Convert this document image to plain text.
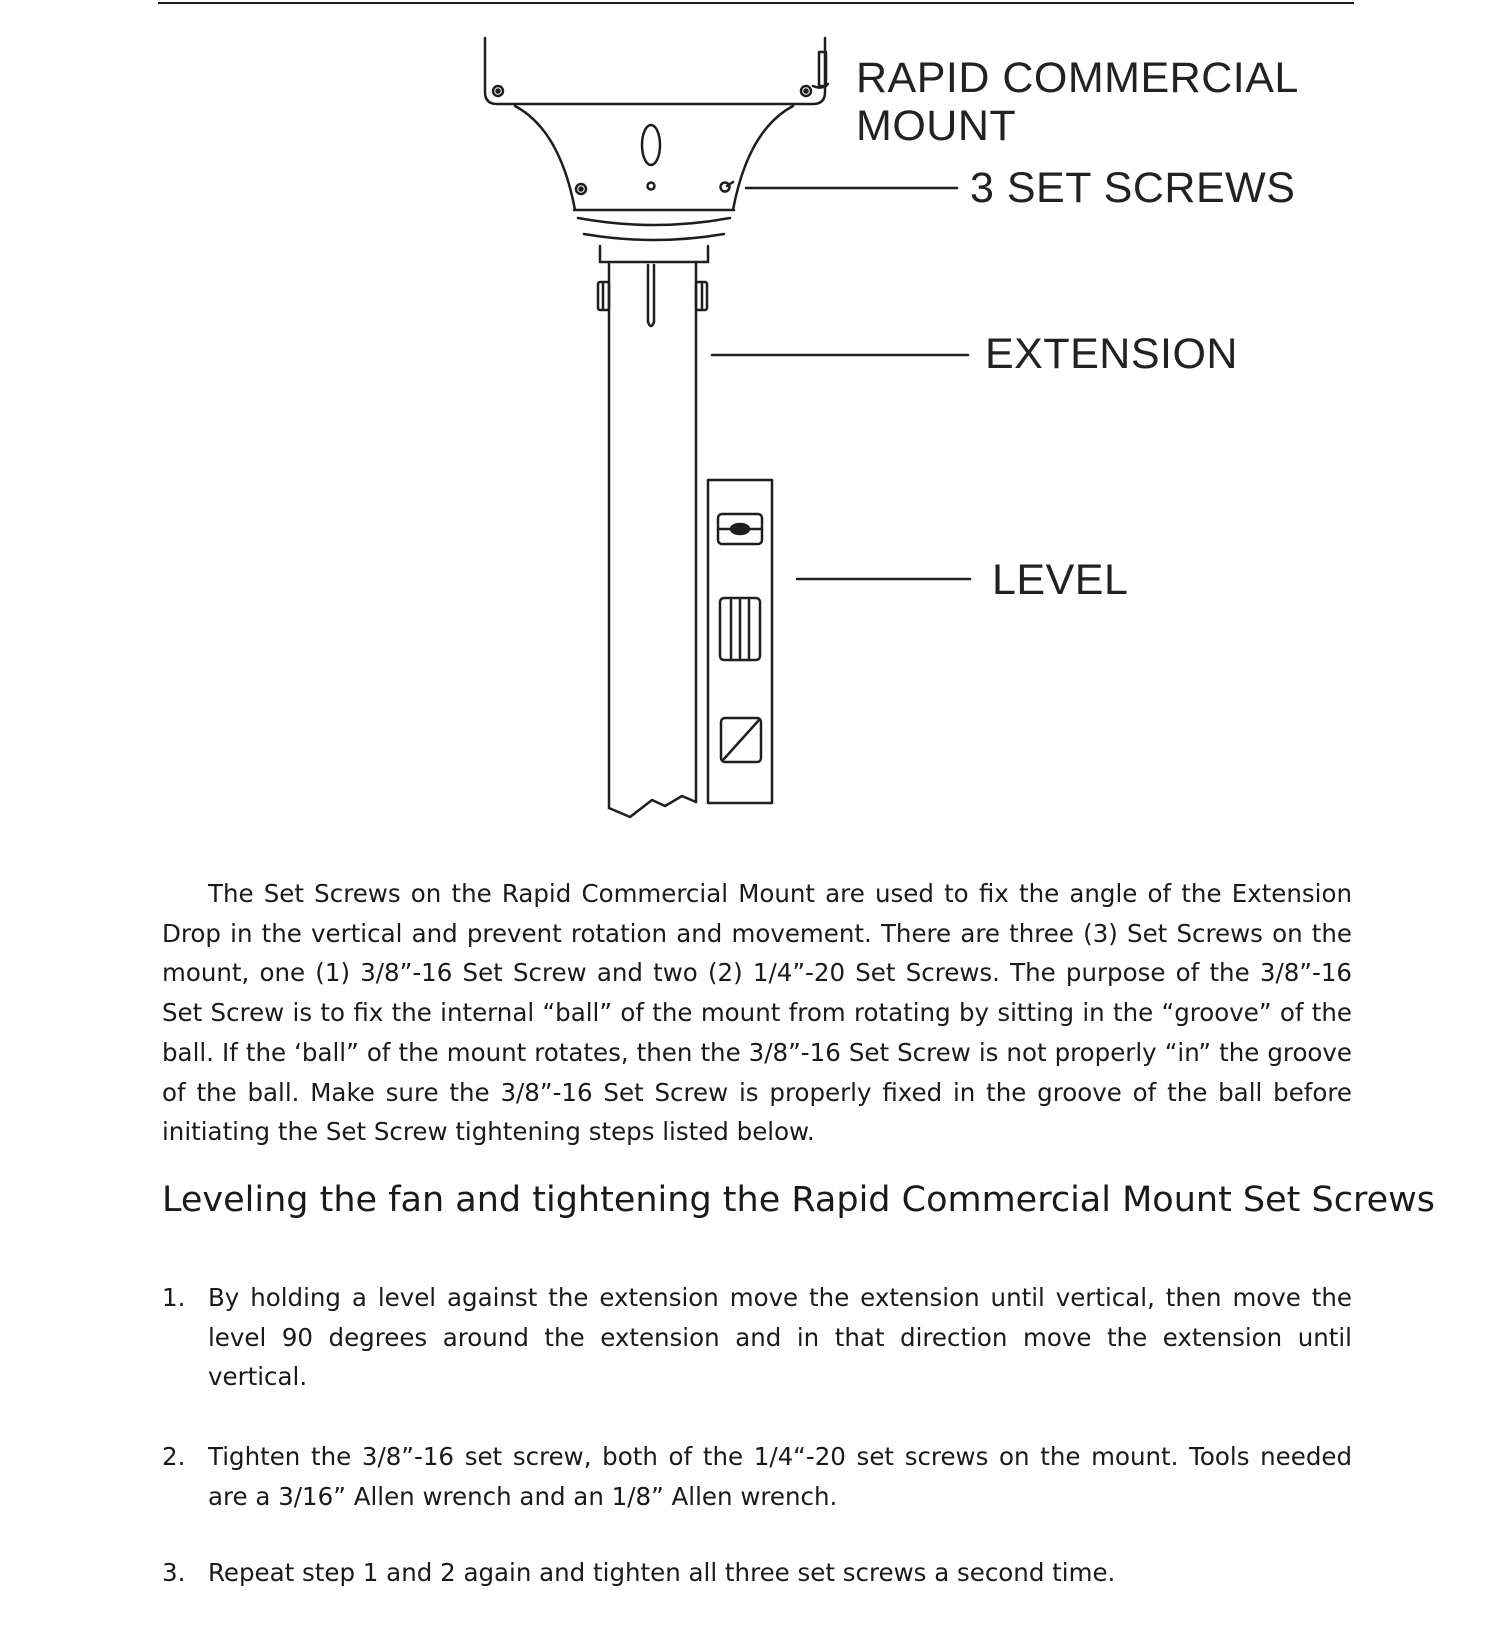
RAPID COMMERCIAL
MOUNT
3 SET SCREWS
EXTENSION
LEVEL

The Set Screws on the Rapid Commercial Mount are used to fix the angle of the Extension Drop in the vertical and prevent rotation and movement. There are three (3) Set Screws on the mount, one (1) 3/8”-16 Set Screw and two (2) 1/4”-20 Set Screws. The purpose of the 3/8”-16 Set Screw is to fix the internal “ball” of the mount from rotating by sitting in the “groove” of the ball. If the ‘ball” of the mount rotates, then the 3/8”-16 Set Screw is not properly “in” the groove of the ball. Make sure the 3/8”-16 Set Screw is properly fixed in the groove of the ball before initiating the Set Screw tightening steps listed below.

Leveling the fan and tightening the Rapid Commercial Mount Set Screws
1. By holding a level against the extension move the extension until vertical, then move the level 90 degrees around the extension and in that direction move the extension until vertical.
2. Tighten the 3/8”-16 set screw, both of the 1/4“-20 set screws on the mount. Tools needed are a 3/16” Allen wrench and an 1/8” Allen wrench.
3. Repeat step 1 and 2 again and tighten all three set screws a second time.
